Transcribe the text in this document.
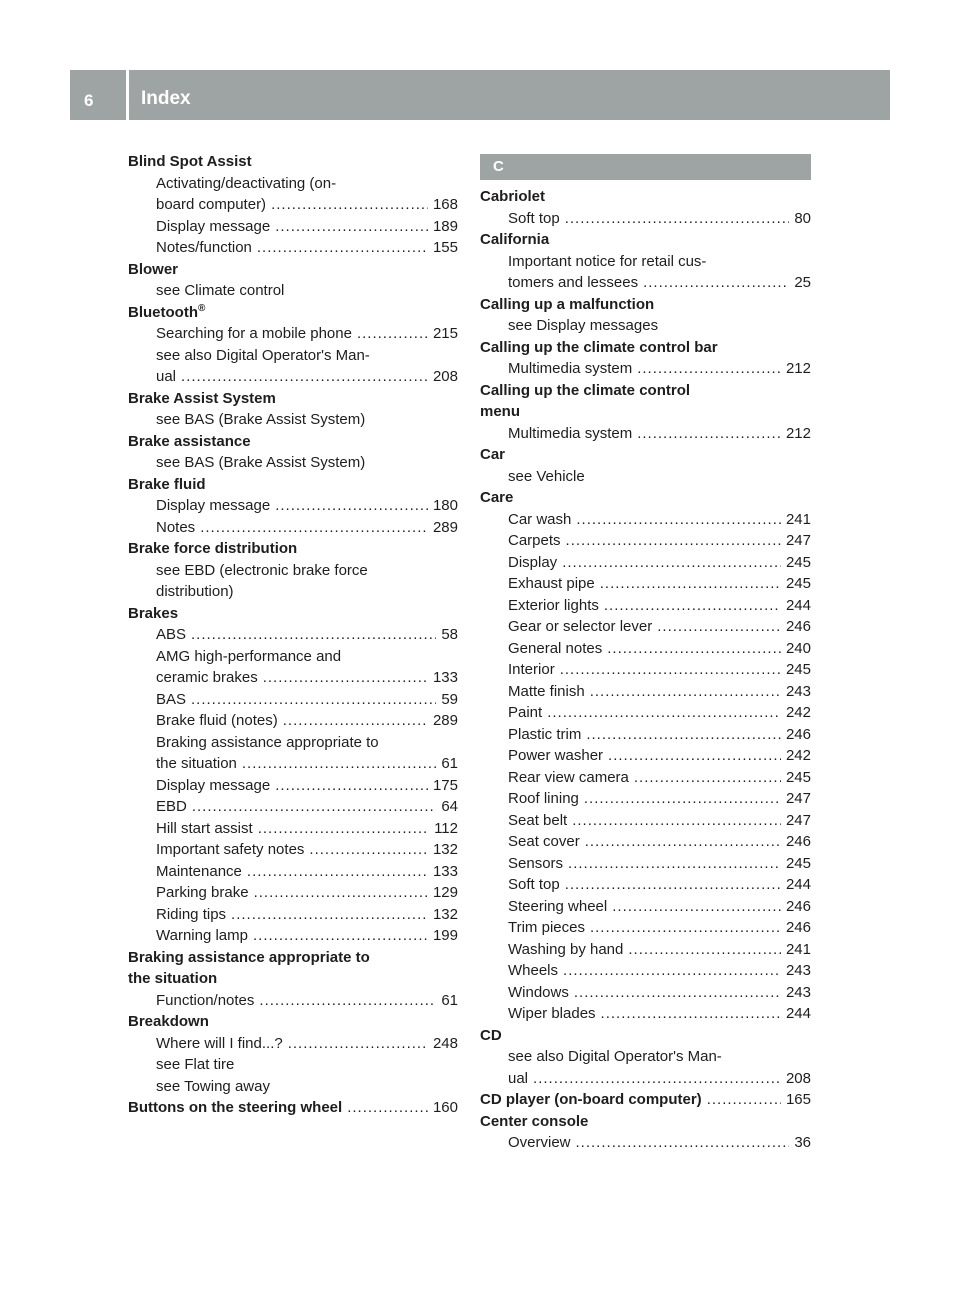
6	Index
Blind Spot Assist
Activating/deactivating (on-
board computer) .....	168
Display message .....	189
Notes/function .....	155
Blower
see Climate control
Bluetooth®
Searching for a mobile phone .....	215
see also Digital Operator's Man-
ual .....	208
Brake Assist System
see BAS (Brake Assist System)
Brake assistance
see BAS (Brake Assist System)
Brake fluid
Display message .....	180
Notes .....	289
Brake force distribution
see EBD (electronic brake force
distribution)
Brakes
ABS .....	58
AMG high-performance and
ceramic brakes .....	133
BAS .....	59
Brake fluid (notes) .....	289
Braking assistance appropriate to
the situation .....	61
Display message .....	175
EBD .....	64
Hill start assist .....	112
Important safety notes .....	132
Maintenance .....	133
Parking brake .....	129
Riding tips .....	132
Warning lamp .....	199
Braking assistance appropriate to
the situation
Function/notes .....	61
Breakdown
Where will I find...? .....	248
see Flat tire
see Towing away
Buttons on the steering wheel .....	160
C
Cabriolet
Soft top .....	80
California
Important notice for retail cus-
tomers and lessees .....	25
Calling up a malfunction
see Display messages
Calling up the climate control bar
Multimedia system .....	212
Calling up the climate control
menu
Multimedia system .....	212
Car
see Vehicle
Care
Car wash .....	241
Carpets .....	247
Display .....	245
Exhaust pipe .....	245
Exterior lights .....	244
Gear or selector lever .....	246
General notes .....	240
Interior .....	245
Matte finish .....	243
Paint .....	242
Plastic trim .....	246
Power washer .....	242
Rear view camera .....	245
Roof lining .....	247
Seat belt .....	247
Seat cover .....	246
Sensors .....	245
Soft top .....	244
Steering wheel .....	246
Trim pieces .....	246
Washing by hand .....	241
Wheels .....	243
Windows .....	243
Wiper blades .....	244
CD
see also Digital Operator's Man-
ual .....	208
CD player (on-board computer) .....	165
Center console
Overview .....	36
